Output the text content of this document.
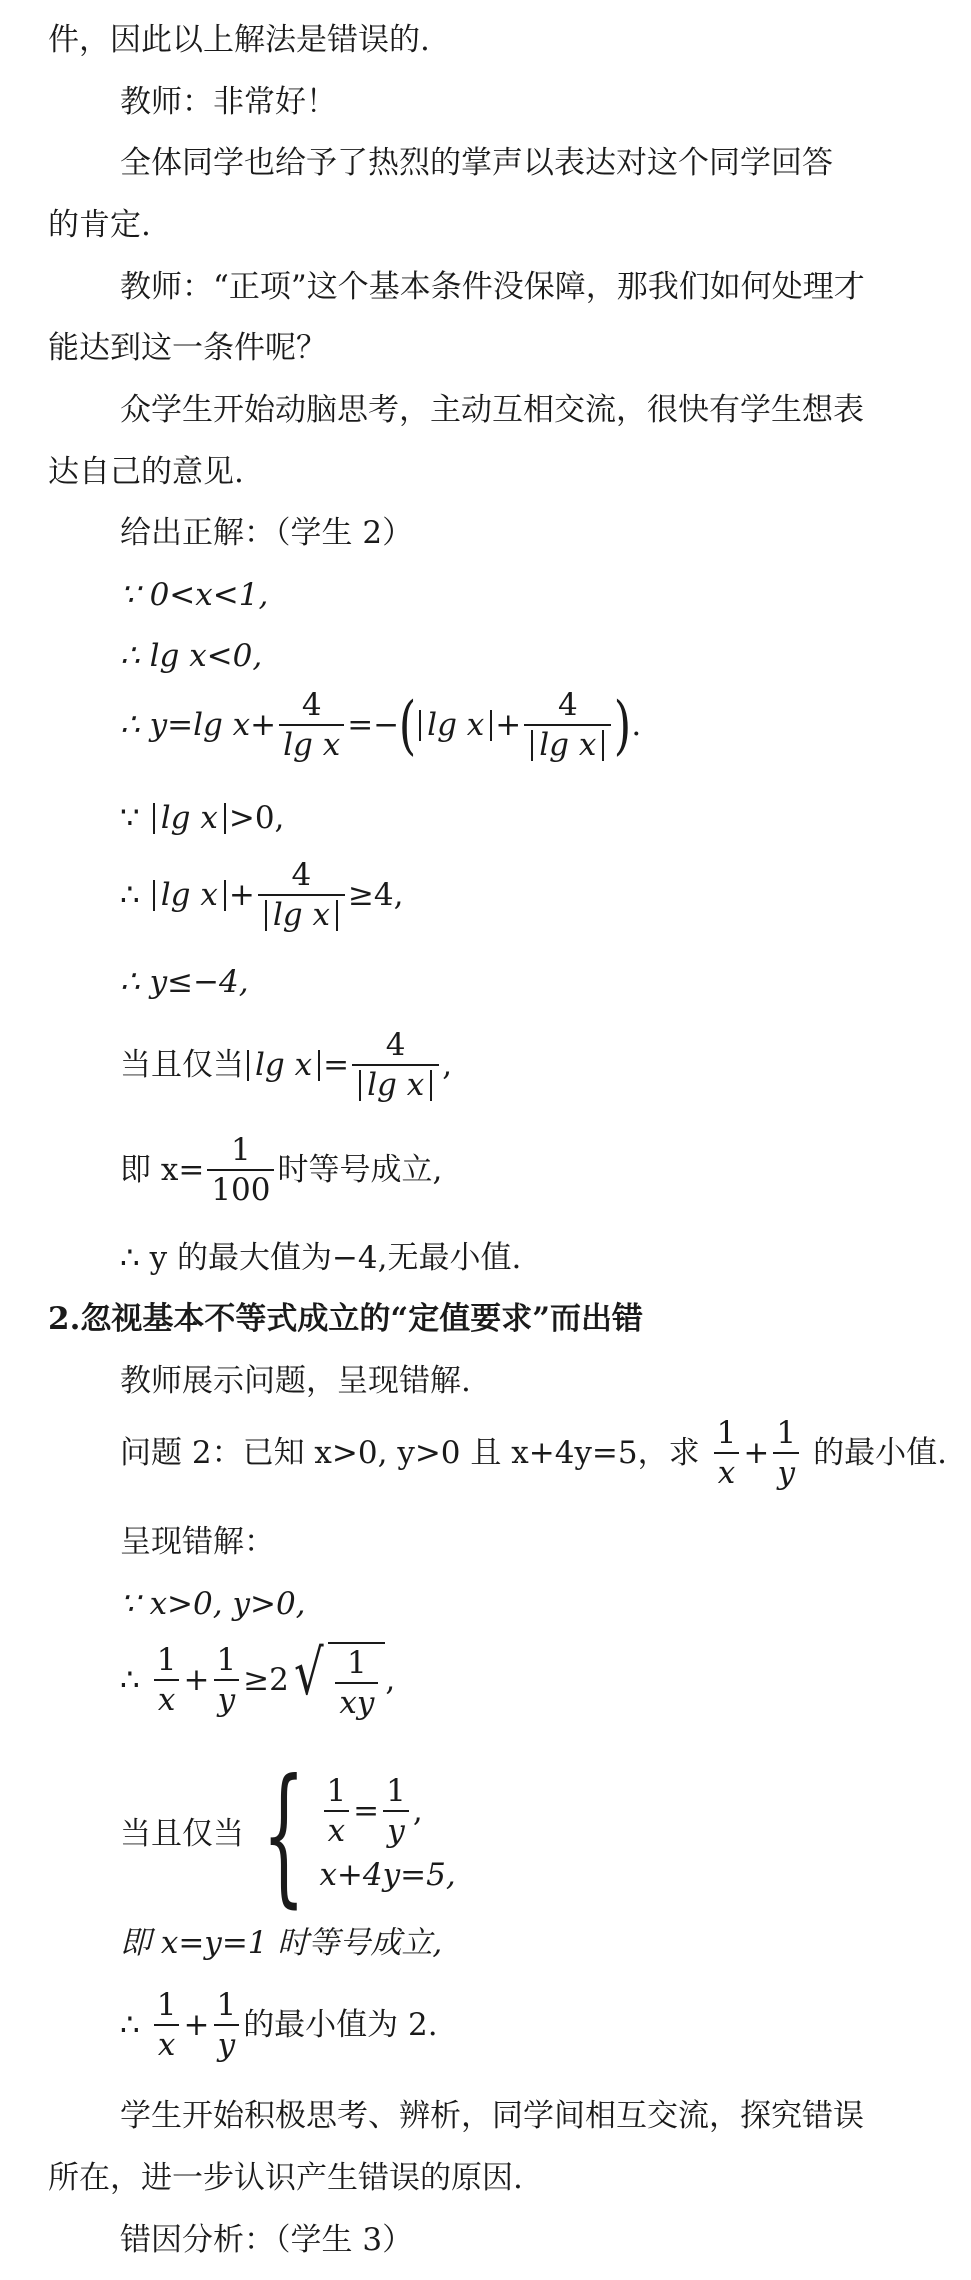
件，因此以上解法是错误的.
教师：非常好！
全体同学也给予了热烈的掌声以表达对这个同学回答
的肯定.
教师：“正项”这个基本条件没保障，那我们如何处理才
能达到这一条件呢？
众学生开始动脑思考，主动互相交流，很快有学生想表
达自己的意见.
给出正解：（学生 2）
∵ 0<x<1,
∴ lg x<0,
∴ y=lg $x+ \frac{4}{\text{lg x}}$ =− ( $\lg x + \frac{4}{\text{lg x}}$ ) .
∵ lg x >0,
∴ $\lg x + \frac{4}{\text{lg x}} \ge 4$,
∴ y≤−4,
当且仅当 $\lg x = \frac{4}{\text{lg x}}$ ,
即 $x= \frac{1}{100}$ 时等号成立,
∴ y 的最大值为−4,无最小值.
2.忽视基本不等式成立的“定值要求”而出错
教师展示问题，呈现错解.
问题 2：已知 x>0, y>0 且 x+4y=5，求 $\frac{1}{x} + \frac{1}{y}$ 的最小值.
呈现错解：
∵ x>0, y>0,
∴ $\frac{1}{x} + \frac{1}{y} \ge 2$ √ $\frac{1}{xy}$ ,
当且仅当 { $\frac{1}{x} = \frac{1}{y}$ ,
x+4y=5,
即 x=y=1 时等号成立,
∴ $\frac{1}{x} + \frac{1}{y}$ 的最小值为 2.
学生开始积极思考、辨析，同学间相互交流，探究错误
所在，进一步认识产生错误的原因.
错因分析：（学生 3）
